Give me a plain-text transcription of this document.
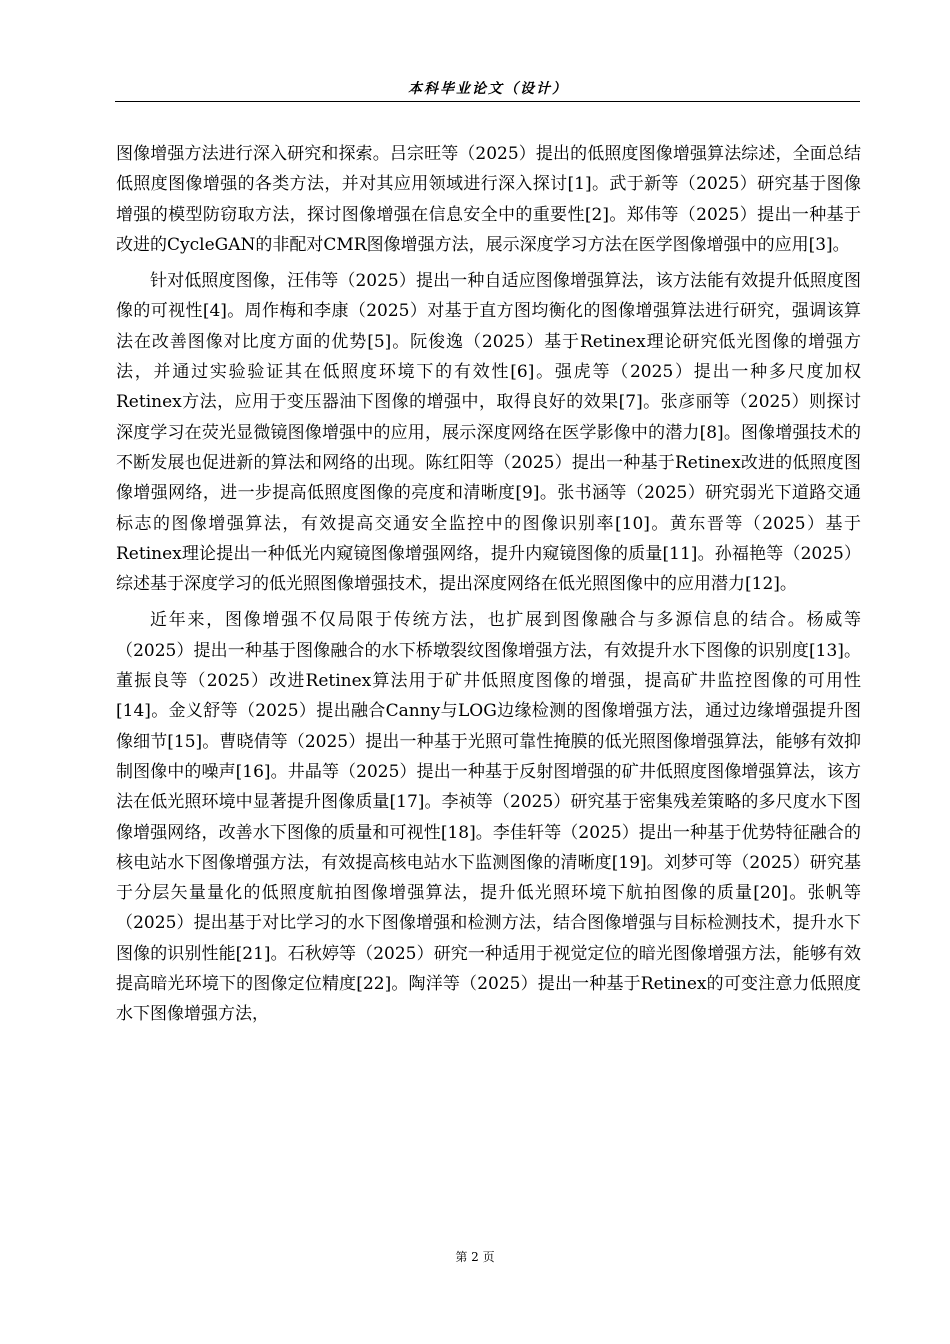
本科毕业论文（设计）

图像增强方法进行深入研究和探索。吕宗旺等（2025）提出的低照度图像增强算法综述，全面总结低照度图像增强的各类方法，并对其应用领域进行深入探讨[1]。武于新等（2025）研究基于图像增强的模型防窃取方法，探讨图像增强在信息安全中的重要性[2]。郑伟等（2025）提出一种基于改进的CycleGAN的非配对CMR图像增强方法，展示深度学习方法在医学图像增强中的应用[3]。

针对低照度图像，汪伟等（2025）提出一种自适应图像增强算法，该方法能有效提升低照度图像的可视性[4]。周作梅和李康（2025）对基于直方图均衡化的图像增强算法进行研究，强调该算法在改善图像对比度方面的优势[5]。阮俊逸（2025）基于Retinex理论研究低光图像的增强方法，并通过实验验证其在低照度环境下的有效性[6]。强虎等（2025）提出一种多尺度加权Retinex方法，应用于变压器油下图像的增强中，取得良好的效果[7]。张彦丽等（2025）则探讨深度学习在荧光显微镜图像增强中的应用，展示深度网络在医学影像中的潜力[8]。图像增强技术的不断发展也促进新的算法和网络的出现。陈红阳等（2025）提出一种基于Retinex改进的低照度图像增强网络，进一步提高低照度图像的亮度和清晰度[9]。张书涵等（2025）研究弱光下道路交通标志的图像增强算法，有效提高交通安全监控中的图像识别率[10]。黄东晋等（2025）基于Retinex理论提出一种低光内窥镜图像增强网络，提升内窥镜图像的质量[11]。孙福艳等（2025）综述基于深度学习的低光照图像增强技术，提出深度网络在低光照图像中的应用潜力[12]。

近年来，图像增强不仅局限于传统方法，也扩展到图像融合与多源信息的结合。杨威等（2025）提出一种基于图像融合的水下桥墩裂纹图像增强方法，有效提升水下图像的识别度[13]。董振良等（2025）改进Retinex算法用于矿井低照度图像的增强，提高矿井监控图像的可用性[14]。金义舒等（2025）提出融合Canny与LOG边缘检测的图像增强方法，通过边缘增强提升图像细节[15]。曹晓倩等（2025）提出一种基于光照可靠性掩膜的低光照图像增强算法，能够有效抑制图像中的噪声[16]。井晶等（2025）提出一种基于反射图增强的矿井低照度图像增强算法，该方法在低光照环境中显著提升图像质量[17]。李祯等（2025）研究基于密集残差策略的多尺度水下图像增强网络，改善水下图像的质量和可视性[18]。李佳轩等（2025）提出一种基于优势特征融合的核电站水下图像增强方法，有效提高核电站水下监测图像的清晰度[19]。刘梦可等（2025）研究基于分层矢量量化的低照度航拍图像增强算法，提升低光照环境下航拍图像的质量[20]。张帆等（2025）提出基于对比学习的水下图像增强和检测方法，结合图像增强与目标检测技术，提升水下图像的识别性能[21]。石秋婷等（2025）研究一种适用于视觉定位的暗光图像增强方法，能够有效提高暗光环境下的图像定位精度[22]。陶洋等（2025）提出一种基于Retinex的可变注意力低照度水下图像增强方法，

第 2 页
